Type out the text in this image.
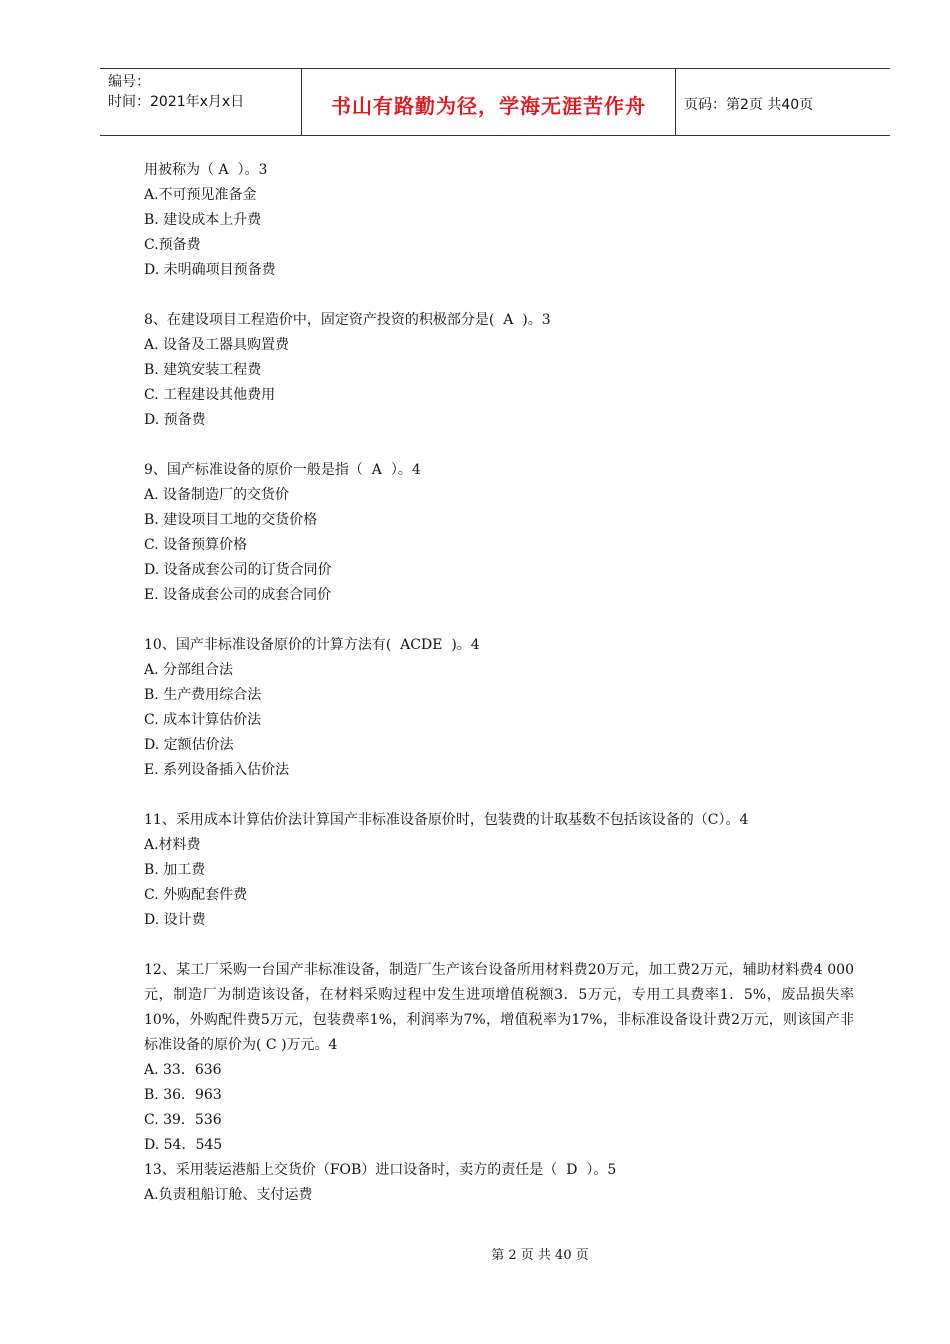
编号：
时间：2021年x月x日	书山有路勤为径，学海无涯苦作舟	页码：第2页 共40页
用被称为（ A  ）。3
A.不可预见准备金
B. 建设成本上升费
C.预备费
D. 未明确项目预备费
8、在建设项目工程造价中，固定资产投资的积极部分是(  A  )。3
A. 设备及工器具购置费
B. 建筑安装工程费
C. 工程建设其他费用
D. 预备费
9、国产标准设备的原价一般是指（  A  ）。4
A. 设备制造厂的交货价
B. 建设项目工地的交货价格
C. 设备预算价格
D. 设备成套公司的订货合同价
E. 设备成套公司的成套合同价
10、国产非标准设备原价的计算方法有(  ACDE  )。4
A. 分部组合法
B. 生产费用综合法
C. 成本计算估价法
D. 定额估价法
E. 系列设备插入估价法
11、采用成本计算估价法计算国产非标准设备原价时，包装费的计取基数不包括该设备的（C）。4
A.材料费
B. 加工费
C. 外购配套件费
D. 设计费
12、某工厂采购一台国产非标准设备，制造厂生产该台设备所用材料费20万元，加工费2万元，辅助材料费4 000元，制造厂为制造该设备，在材料采购过程中发生进项增值税额3．5万元，专用工具费率1．5%，废品损失率10%，外购配件费5万元，包装费率1%，利润率为7%，增值税率为17%，非标准设备设计费2万元，则该国产非标准设备的原价为( C )万元。4
A. 33．636
B. 36．963
C. 39．536
D. 54．545
13、采用装运港船上交货价（FOB）进口设备时，卖方的责任是（  D  ）。5
A.负责租船订舱、支付运费
第 2 页 共 40 页
